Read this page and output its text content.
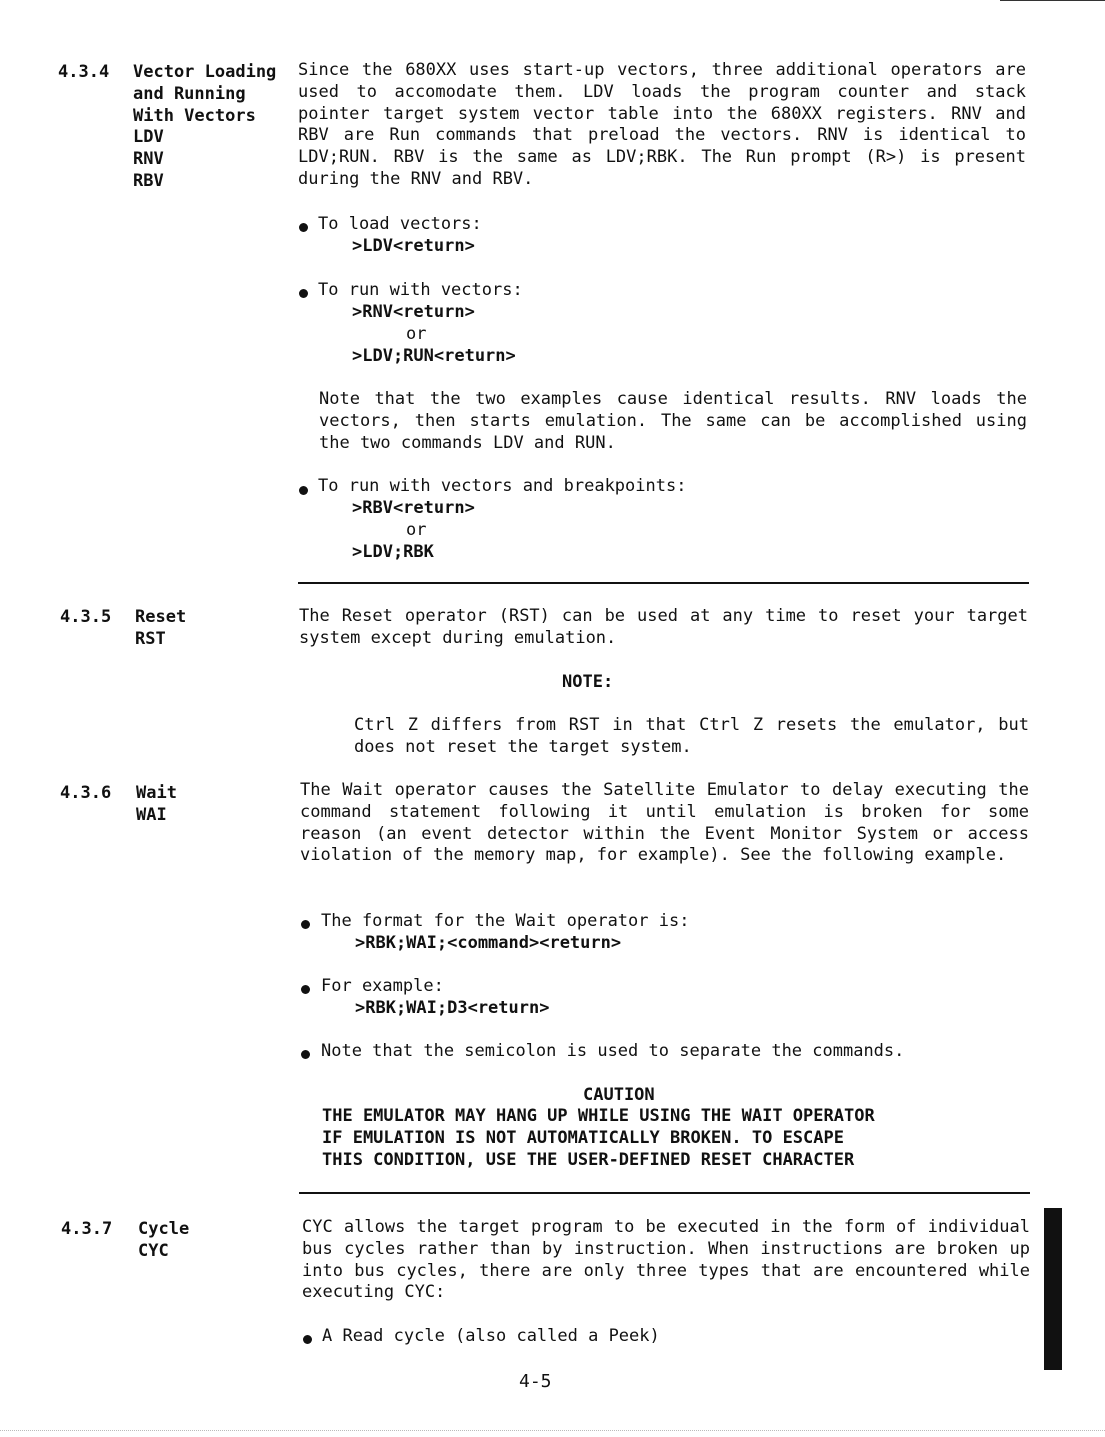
4.3.4 Vector Loading
and Running
With Vectors
LDV
RNV
RBV
Since the 680XX uses start-up vectors, three additional operators are used to accomodate them. LDV loads the program counter and stack pointer target system vector table into the 680XX registers. RNV and RBV are Run commands that preload the vectors. RNV is identical to LDV;RUN. RBV is the same as LDV;RBK. The Run prompt (R>) is present during the RNV and RBV.
To load vectors:
>LDV<return>
To run with vectors:
>RNV<return>
or
>LDV;RUN<return>
Note that the two examples cause identical results. RNV loads the vectors, then starts emulation. The same can be accomplished using the two commands LDV and RUN.
To run with vectors and breakpoints:
>RBV<return>
or
>LDV;RBK
4.3.5 Reset
RST
The Reset operator (RST) can be used at any time to reset your target system except during emulation.
NOTE:
Ctrl Z differs from RST in that Ctrl Z resets the emulator, but does not reset the target system.
4.3.6 Wait
WAI
The Wait operator causes the Satellite Emulator to delay executing the command statement following it until emulation is broken for some reason (an event detector within the Event Monitor System or access violation of the memory map, for example). See the following example.
The format for the Wait operator is:
>RBK;WAI;<command><return>
For example:
>RBK;WAI;D3<return>
Note that the semicolon is used to separate the commands.
CAUTION
THE EMULATOR MAY HANG UP WHILE USING THE WAIT OPERATOR
IF EMULATION IS NOT AUTOMATICALLY BROKEN. TO ESCAPE
THIS CONDITION, USE THE USER-DEFINED RESET CHARACTER
4.3.7 Cycle
CYC
CYC allows the target program to be executed in the form of individual bus cycles rather than by instruction. When instructions are broken up into bus cycles, there are only three types that are encountered while executing CYC:
A Read cycle (also called a Peek)
4-5
